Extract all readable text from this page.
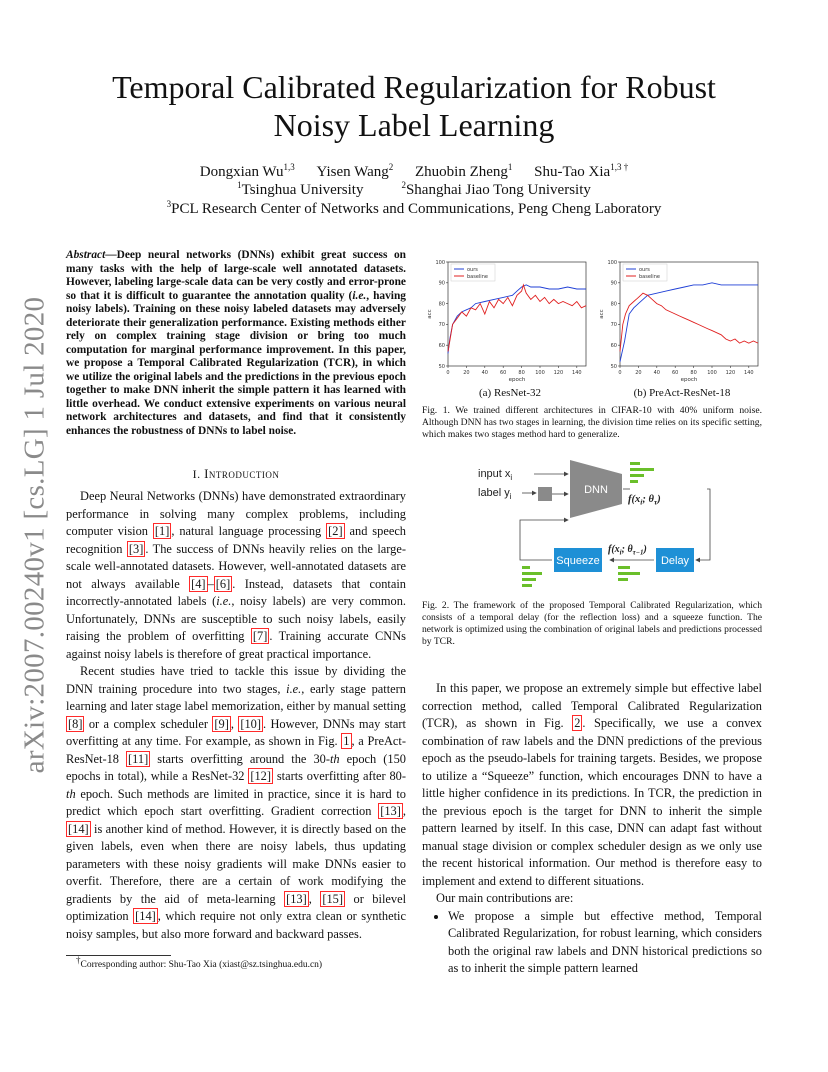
arXiv:2007.00240v1 [cs.LG] 1 Jul 2020
Temporal Calibrated Regularization for Robust
Noisy Label Learning
Dongxian Wu$^{1,3}$ Yisen Wang$^2$ Zhuobin Zheng$^1$ Shu-Tao Xia$^{1,3 \dagger}$
$^1$Tsinghua University	$^2$Shanghai Jiao Tong University
$^3$PCL Research Center of Networks and Communications, Peng Cheng Laboratory

Abstract—Deep neural networks (DNNs) exhibit great success on many tasks with the help of large-scale well annotated datasets. However, labeling large-scale data can be very costly and error-prone so that it is difficult to guarantee the annotation quality (i.e., having noisy labels). Training on these noisy labeled datasets may adversely deteriorate their generalization performance. Existing methods either rely on complex training stage division or bring too much computation for marginal performance improvement. In this paper, we propose a Temporal Calibrated Regularization (TCR), in which we utilize the original labels and the predictions in the previous epoch together to make DNN inherit the simple pattern it has learned with little overhead. We conduct extensive experiments on various neural network architectures and datasets, and find that it consistently enhances the robustness of DNNs to label noise.

I. Introduction

Deep Neural Networks (DNNs) have demonstrated extraordinary performance in solving many complex problems, including computer vision [1] , natural language processing [2] and speech recognition [3] . The success of DNNs heavily relies on the large-scale well-annotated datasets. However, well-annotated datasets are not always available [4] – [6] . Instead, datasets that contain incorrectly-annotated labels (i.e., noisy labels) are very common. Unfortunately, DNNs are susceptible to such noisy labels, easily raising the problem of overfitting [7] . Training accurate CNNs against noisy labels is therefore of great practical importance.

Recent studies have tried to tackle this issue by dividing the DNN training procedure into two stages, i.e., early stage pattern learning and later stage label memorization, either by manual setting [8] or a complex scheduler [9] , [10] . However, DNNs may start overfitting at any time. For example, as shown in Fig. 1 , a PreAct-ResNet-18 [11] starts overfitting around the 30-th epoch (150 epochs in total), while a ResNet-32 [12] starts overfitting after 80-th epoch. Such methods are limited in practice, since it is hard to predict which epoch start overfitting. Gradient correction [13] , [14] is another kind of method. However, it is directly based on the given labels, even when there are noisy labels, thus updating parameters with these noisy gradients will make DNNs easier to overfit. Therefore, there are a certain of work modifying the gradients by the aid of meta-learning [13] , [15] or bilevel optimization [14] , which require not only extra clean or synthetic noisy samples, but also more forward and backward passes.

†Corresponding author: Shu-Tao Xia (xiast@sz.tsinghua.edu.cn)
0	20 40 60 80 100 120 140
50
60
70
80
90
100
epoch
acc
ours
baseline
0	20 40 60 80 100 120 140
50
60
70
80
90
100
epoch
acc
ours
baseline
(a) ResNet-32	(b) PreAct-ResNet-18
Fig. 1. We trained different architectures in CIFAR-10 with 40% uniform noise. Although DNN has two stages in learning, the division time relies on its specific setting, which makes two stages method hard to generalize.
input $x_i$
label $y_i$
DNN
$f(x_i$; $\theta_\tau$)
Delay
$f(x_i$; $\theta_{\tau-1}$)
Squeeze
Fig. 2. The framework of the proposed Temporal Calibrated Regularization, which consists of a temporal delay (for the reflection loss) and a squeeze function. The network is optimized using the combination of original labels and predictions processed by TCR.

In this paper, we propose an extremely simple but effective label correction method, called Temporal Calibrated Regularization (TCR), as shown in Fig. 2 . Specifically, we use a convex combination of raw labels and the DNN predictions of the previous epoch as the pseudo-labels for training targets. Besides, we propose to utilize a “Squeeze” function, which encourages DNN to have a little higher confidence in its predictions. In TCR, the prediction in the previous epoch is the target for DNN to inherit the simple pattern learned by itself. In this case, DNN can adapt fast without manual stage division or complex scheduler design as we only use the recent historical information. Our method is therefore easy to implement and extend to different situations.

Our main contributions are:

• We propose a simple but effective method, Temporal Calibrated Regularization, for robust learning, which considers both the original raw labels and DNN historical predictions so as to inherit the simple pattern learned
